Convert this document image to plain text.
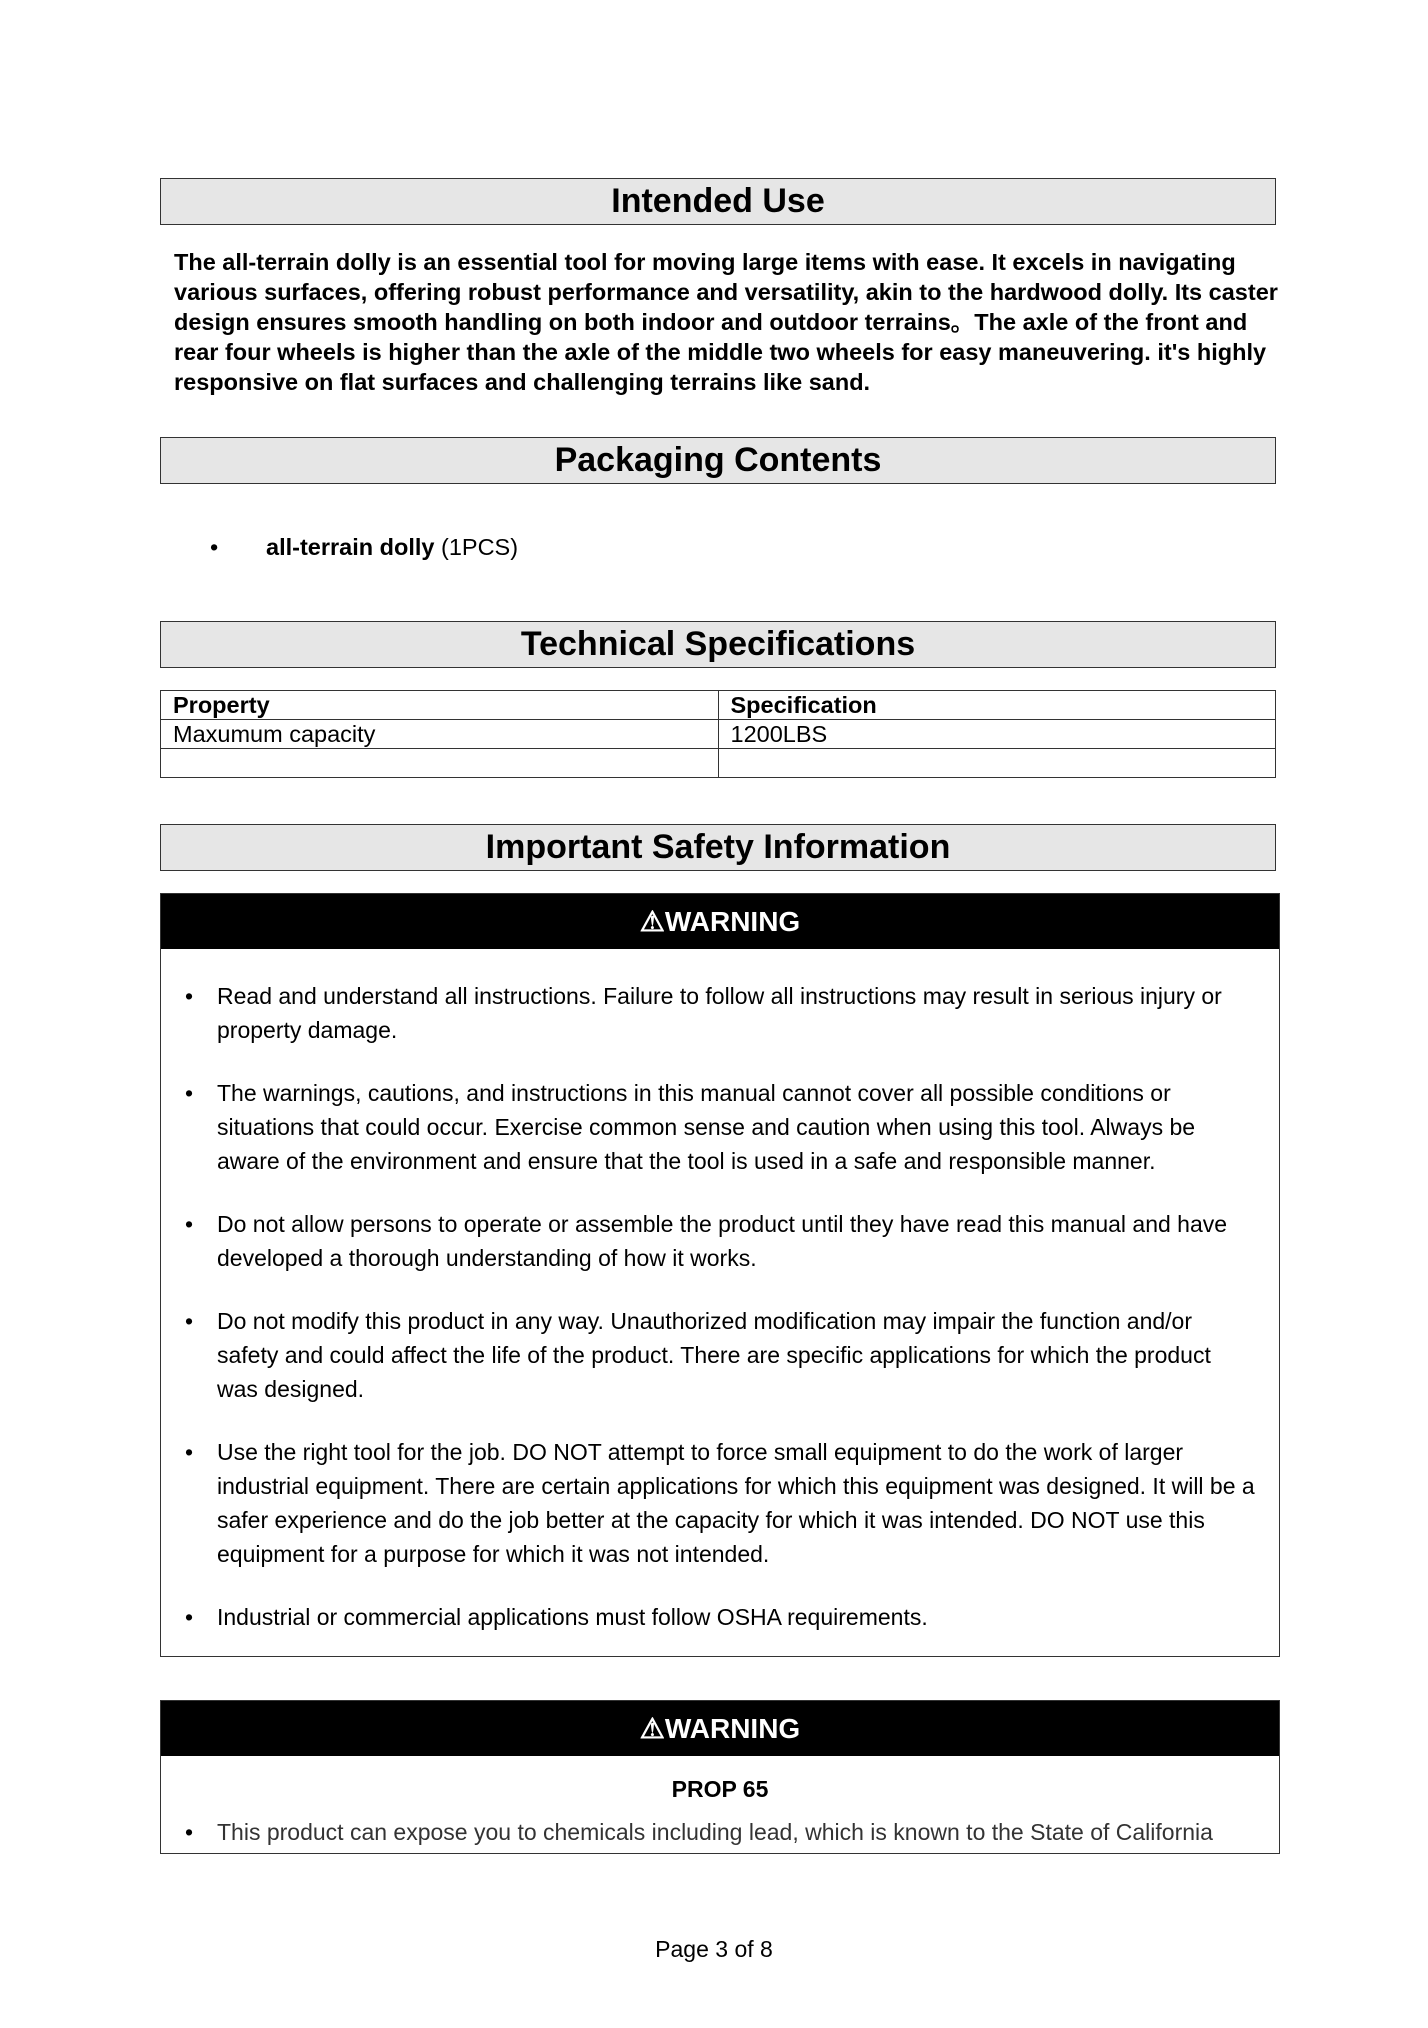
Intended Use
The all-terrain dolly is an essential tool for moving large items with ease. It excels in navigating various surfaces, offering robust performance and versatility, akin to the hardwood dolly. Its caster design ensures smooth handling on both indoor and outdoor terrains。The axle of the front and rear four wheels is higher than the axle of the middle two wheels for easy maneuvering. it's highly responsive on flat surfaces and challenging terrains like sand.
Packaging Contents
•	all-terrain dolly (1PCS)
Technical Specifications
Property	Specification
Maxumum capacity	1200LBS

Important Safety Information
⚠WARNING
•	Read and understand all instructions. Failure to follow all instructions may result in serious injury or property damage.
•	The warnings, cautions, and instructions in this manual cannot cover all possible conditions or situations that could occur. Exercise common sense and caution when using this tool. Always be aware of the environment and ensure that the tool is used in a safe and responsible manner.
•	Do not allow persons to operate or assemble the product until they have read this manual and have developed a thorough understanding of how it works.
•	Do not modify this product in any way. Unauthorized modification may impair the function and/or safety and could affect the life of the product. There are specific applications for which the product was designed.
•	Use the right tool for the job. DO NOT attempt to force small equipment to do the work of larger industrial equipment. There are certain applications for which this equipment was designed. It will be a safer experience and do the job better at the capacity for which it was intended. DO NOT use this equipment for a purpose for which it was not intended.
•	Industrial or commercial applications must follow OSHA requirements.
⚠WARNING
PROP 65
•	This product can expose you to chemicals including lead, which is known to the State of California
Page 3 of 8
